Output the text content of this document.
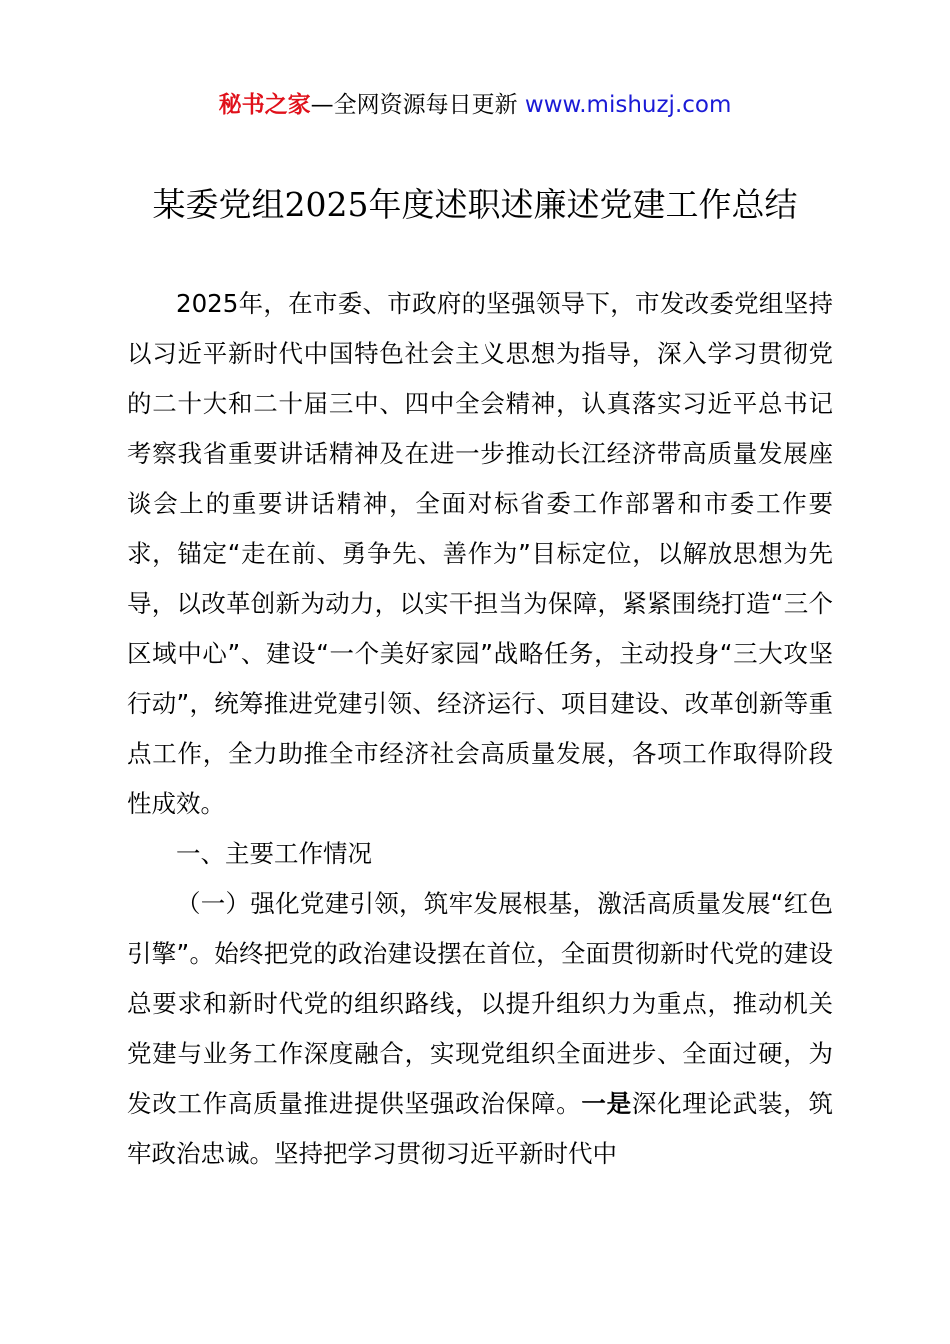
秘书之家—全网资源每日更新 www.mishuzj.com
某委党组2025年度述职述廉述党建工作总结

2025年，在市委、市政府的坚强领导下，市发改委党组坚持以习近平新时代中国特色社会主义思想为指导，深入学习贯彻党的二十大和二十届三中、四中全会精神，认真落实习近平总书记考察我省重要讲话精神及在进一步推动长江经济带高质量发展座谈会上的重要讲话精神，全面对标省委工作部署和市委工作要求，锚定“走在前、勇争先、善作为”目标定位，以解放思想为先导，以改革创新为动力，以实干担当为保障，紧紧围绕打造“三个区域中心”、建设“一个美好家园”战略任务，主动投身“三大攻坚行动”，统筹推进党建引领、经济运行、项目建设、改革创新等重点工作，全力助推全市经济社会高质量发展，各项工作取得阶段性成效。

一、主要工作情况

（一）强化党建引领，筑牢发展根基，激活高质量发展“红色引擎”。始终把党的政治建设摆在首位，全面贯彻新时代党的建设总要求和新时代党的组织路线，以提升组织力为重点，推动机关党建与业务工作深度融合，实现党组织全面进步、全面过硬，为发改工作高质量推进提供坚强政治保障。一是深化理论武装，筑牢政治忠诚。坚持把学习贯彻习近平新时代中
